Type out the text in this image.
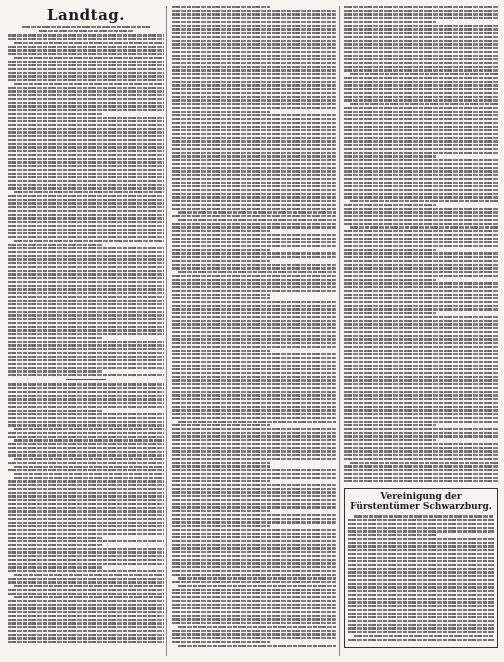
Landtag.
Vereinigung der Fürstentümer Schwarzburg.
